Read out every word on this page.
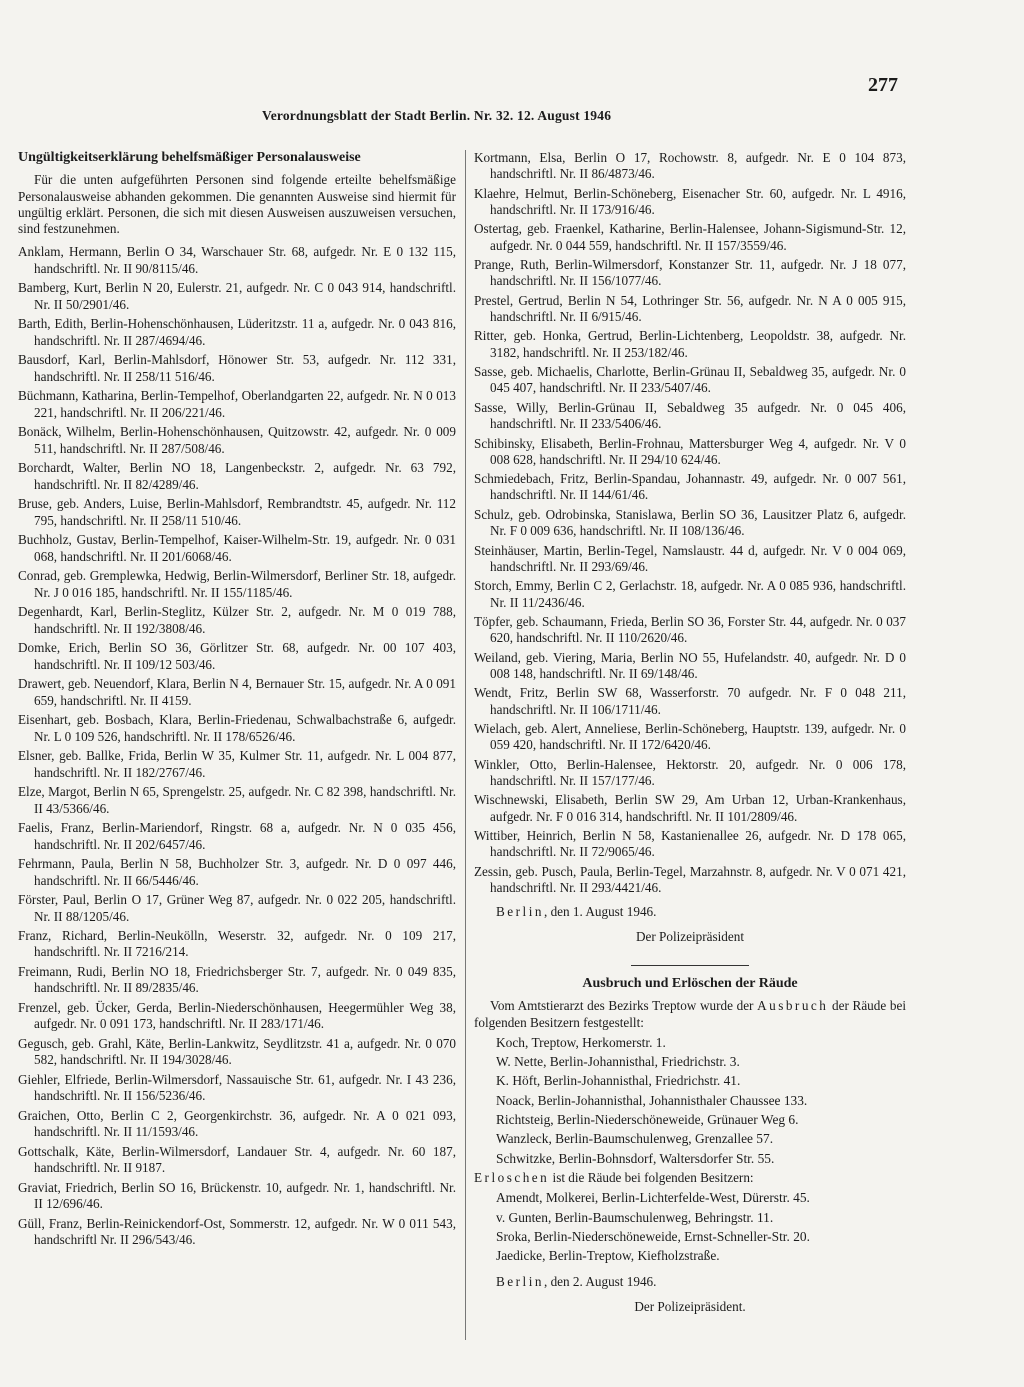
277
Verordnungsblatt der Stadt Berlin. Nr. 32. 12. August 1946
Ungültigkeitserklärung behelfsmäßiger Personalausweise

Für die unten aufgeführten Personen sind folgende erteilte behelfsmäßige Personalausweise abhanden gekommen. Die genannten Ausweise sind hiermit für ungültig erklärt. Personen, die sich mit diesen Ausweisen auszuweisen versuchen, sind festzunehmen.

Anklam, Hermann, Berlin O 34, Warschauer Str. 68, aufgedr. Nr. E 0 132 115, handschriftl. Nr. II 90/8115/46.

Bamberg, Kurt, Berlin N 20, Eulerstr. 21, aufgedr. Nr. C 0 043 914, handschriftl. Nr. II 50/2901/46.

Barth, Edith, Berlin-Hohenschönhausen, Lüderitzstr. 11 a, aufgedr. Nr. 0 043 816, handschriftl. Nr. II 287/4694/46.

Bausdorf, Karl, Berlin-Mahlsdorf, Hönower Str. 53, aufgedr. Nr. 112 331, handschriftl. Nr. II 258/11 516/46.

Büchmann, Katharina, Berlin-Tempelhof, Oberlandgarten 22, aufgedr. Nr. N 0 013 221, handschriftl. Nr. II 206/221/46.

Bonäck, Wilhelm, Berlin-Hohenschönhausen, Quitzowstr. 42, aufgedr. Nr. 0 009 511, handschriftl. Nr. II 287/508/46.

Borchardt, Walter, Berlin NO 18, Langenbeckstr. 2, aufgedr. Nr. 63 792, handschriftl. Nr. II 82/4289/46.

Bruse, geb. Anders, Luise, Berlin-Mahlsdorf, Rembrandtstr. 45, aufgedr. Nr. 112 795, handschriftl. Nr. II 258/11 510/46.

Buchholz, Gustav, Berlin-Tempelhof, Kaiser-Wilhelm-Str. 19, aufgedr. Nr. 0 031 068, handschriftl. Nr. II 201/6068/46.

Conrad, geb. Gremplewka, Hedwig, Berlin-Wilmersdorf, Berliner Str. 18, aufgedr. Nr. J 0 016 185, handschriftl. Nr. II 155/1185/46.

Degenhardt, Karl, Berlin-Steglitz, Külzer Str. 2, aufgedr. Nr. M 0 019 788, handschriftl. Nr. II 192/3808/46.

Domke, Erich, Berlin SO 36, Görlitzer Str. 68, aufgedr. Nr. 00 107 403, handschriftl. Nr. II 109/12 503/46.

Drawert, geb. Neuendorf, Klara, Berlin N 4, Bernauer Str. 15, aufgedr. Nr. A 0 091 659, handschriftl. Nr. II 4159.

Eisenhart, geb. Bosbach, Klara, Berlin-Friedenau, Schwalbachstraße 6, aufgedr. Nr. L 0 109 526, handschriftl. Nr. II 178/6526/46.

Elsner, geb. Ballke, Frida, Berlin W 35, Kulmer Str. 11, aufgedr. Nr. L 004 877, handschriftl. Nr. II 182/2767/46.

Elze, Margot, Berlin N 65, Sprengelstr. 25, aufgedr. Nr. C 82 398, handschriftl. Nr. II 43/5366/46.

Faelis, Franz, Berlin-Mariendorf, Ringstr. 68 a, aufgedr. Nr. N 0 035 456, handschriftl. Nr. II 202/6457/46.

Fehrmann, Paula, Berlin N 58, Buchholzer Str. 3, aufgedr. Nr. D 0 097 446, handschriftl. Nr. II 66/5446/46.

Förster, Paul, Berlin O 17, Grüner Weg 87, aufgedr. Nr. 0 022 205, handschriftl. Nr. II 88/1205/46.

Franz, Richard, Berlin-Neukölln, Weserstr. 32, aufgedr. Nr. 0 109 217, handschriftl. Nr. II 7216/214.

Freimann, Rudi, Berlin NO 18, Friedrichsberger Str. 7, aufgedr. Nr. 0 049 835, handschriftl. Nr. II 89/2835/46.

Frenzel, geb. Ücker, Gerda, Berlin-Niederschönhausen, Heegermühler Weg 38, aufgedr. Nr. 0 091 173, handschriftl. Nr. II 283/171/46.

Gegusch, geb. Grahl, Käte, Berlin-Lankwitz, Seydlitzstr. 41 a, aufgedr. Nr. 0 070 582, handschriftl. Nr. II 194/3028/46.

Giehler, Elfriede, Berlin-Wilmersdorf, Nassauische Str. 61, aufgedr. Nr. I 43 236, handschriftl. Nr. II 156/5236/46.

Graichen, Otto, Berlin C 2, Georgenkirchstr. 36, aufgedr. Nr. A 0 021 093, handschriftl. Nr. II 11/1593/46.

Gottschalk, Käte, Berlin-Wilmersdorf, Landauer Str. 4, aufgedr. Nr. 60 187, handschriftl. Nr. II 9187.

Graviat, Friedrich, Berlin SO 16, Brückenstr. 10, aufgedr. Nr. 1, handschriftl. Nr. II 12/696/46.

Güll, Franz, Berlin-Reinickendorf-Ost, Sommerstr. 12, aufgedr. Nr. W 0 011 543, handschriftl Nr. II 296/543/46.

Kortmann, Elsa, Berlin O 17, Rochowstr. 8, aufgedr. Nr. E 0 104 873, handschriftl. Nr. II 86/4873/46.

Klaehre, Helmut, Berlin-Schöneberg, Eisenacher Str. 60, aufgedr. Nr. L 4916, handschriftl. Nr. II 173/916/46.

Ostertag, geb. Fraenkel, Katharine, Berlin-Halensee, Johann-Sigismund-Str. 12, aufgedr. Nr. 0 044 559, handschriftl. Nr. II 157/3559/46.

Prange, Ruth, Berlin-Wilmersdorf, Konstanzer Str. 11, aufgedr. Nr. J 18 077, handschriftl. Nr. II 156/1077/46.

Prestel, Gertrud, Berlin N 54, Lothringer Str. 56, aufgedr. Nr. N A 0 005 915, handschriftl. Nr. II 6/915/46.

Ritter, geb. Honka, Gertrud, Berlin-Lichtenberg, Leopoldstr. 38, aufgedr. Nr. 3182, handschriftl. Nr. II 253/182/46.

Sasse, geb. Michaelis, Charlotte, Berlin-Grünau II, Sebaldweg 35, aufgedr. Nr. 0 045 407, handschriftl. Nr. II 233/5407/46.

Sasse, Willy, Berlin-Grünau II, Sebaldweg 35 aufgedr. Nr. 0 045 406, handschriftl. Nr. II 233/5406/46.

Schibinsky, Elisabeth, Berlin-Frohnau, Mattersburger Weg 4, aufgedr. Nr. V 0 008 628, handschriftl. Nr. II 294/10 624/46.

Schmiedebach, Fritz, Berlin-Spandau, Johannastr. 49, aufgedr. Nr. 0 007 561, handschriftl. Nr. II 144/61/46.

Schulz, geb. Odrobinska, Stanislawa, Berlin SO 36, Lausitzer Platz 6, aufgedr. Nr. F 0 009 636, handschriftl. Nr. II 108/136/46.

Steinhäuser, Martin, Berlin-Tegel, Namslaustr. 44 d, aufgedr. Nr. V 0 004 069, handschriftl. Nr. II 293/69/46.

Storch, Emmy, Berlin C 2, Gerlachstr. 18, aufgedr. Nr. A 0 085 936, handschriftl. Nr. II 11/2436/46.

Töpfer, geb. Schaumann, Frieda, Berlin SO 36, Forster Str. 44, aufgedr. Nr. 0 037 620, handschriftl. Nr. II 110/2620/46.

Weiland, geb. Viering, Maria, Berlin NO 55, Hufelandstr. 40, aufgedr. Nr. D 0 008 148, handschriftl. Nr. II 69/148/46.

Wendt, Fritz, Berlin SW 68, Wasserforstr. 70 aufgedr. Nr. F 0 048 211, handschriftl. Nr. II 106/1711/46.

Wielach, geb. Alert, Anneliese, Berlin-Schöneberg, Hauptstr. 139, aufgedr. Nr. 0 059 420, handschriftl. Nr. II 172/6420/46.

Winkler, Otto, Berlin-Halensee, Hektorstr. 20, aufgedr. Nr. 0 006 178, handschriftl. Nr. II 157/177/46.

Wischnewski, Elisabeth, Berlin SW 29, Am Urban 12, Urban-Krankenhaus, aufgedr. Nr. F 0 016 314, handschriftl. Nr. II 101/2809/46.

Wittiber, Heinrich, Berlin N 58, Kastanienallee 26, aufgedr. Nr. D 178 065, handschriftl. Nr. II 72/9065/46.

Zessin, geb. Pusch, Paula, Berlin-Tegel, Marzahnstr. 8, aufgedr. Nr. V 0 071 421, handschriftl. Nr. II 293/4421/46.

Berlin, den 1. August 1946.

Der Polizeipräsident

Ausbruch und Erlöschen der Räude

Vom Amtstierarzt des Bezirks Treptow wurde der Ausbruch der Räude bei folgenden Besitzern festgestellt:

Koch, Treptow, Herkomerstr. 1.

W. Nette, Berlin-Johannisthal, Friedrichstr. 3.

K. Höft, Berlin-Johannisthal, Friedrichstr. 41.

Noack, Berlin-Johannisthal, Johannisthaler Chaussee 133.

Richtsteig, Berlin-Niederschöneweide, Grünauer Weg 6.

Wanzleck, Berlin-Baumschulenweg, Grenzallee 57.

Schwitzke, Berlin-Bohnsdorf, Waltersdorfer Str. 55.

Erloschen ist die Räude bei folgenden Besitzern:

Amendt, Molkerei, Berlin-Lichterfelde-West, Dürerstr. 45.

v. Gunten, Berlin-Baumschulenweg, Behringstr. 11.

Sroka, Berlin-Niederschöneweide, Ernst-Schneller-Str. 20.

Jaedicke, Berlin-Treptow, Kiefholzstraße.

Berlin, den 2. August 1946.

Der Polizeipräsident.
